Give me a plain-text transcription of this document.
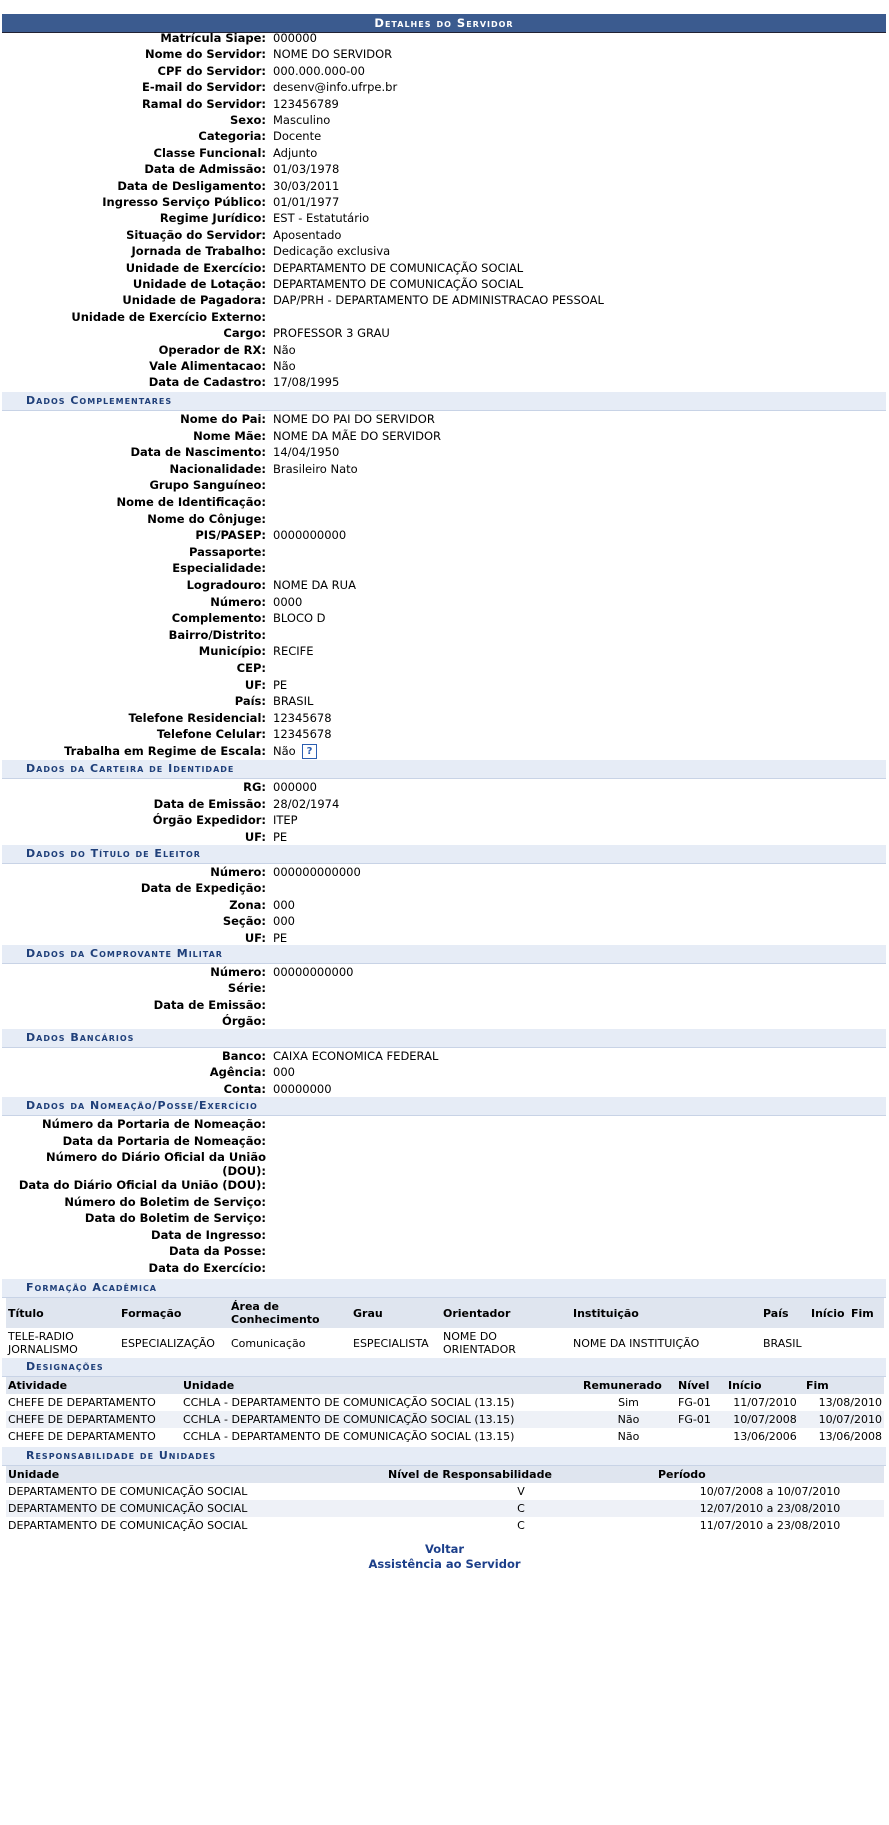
Detalhes do Servidor
Matrícula Siape: 000000
Nome do Servidor: NOME DO SERVIDOR
CPF do Servidor: 000.000.000-00
E-mail do Servidor: desenv@info.ufrpe.br
Ramal do Servidor: 123456789
Sexo: Masculino
Categoria: Docente
Classe Funcional: Adjunto
Data de Admissão: 01/03/1978
Data de Desligamento: 30/03/2011
Ingresso Serviço Público: 01/01/1977
Regime Jurídico: EST - Estatutário
Situação do Servidor: Aposentado
Jornada de Trabalho: Dedicação exclusiva
Unidade de Exercício: DEPARTAMENTO DE COMUNICAÇÃO SOCIAL
Unidade de Lotação: DEPARTAMENTO DE COMUNICAÇÃO SOCIAL
Unidade de Pagadora: DAP/PRH - DEPARTAMENTO DE ADMINISTRACAO PESSOAL
Unidade de Exercício Externo:
Cargo: PROFESSOR 3 GRAU
Operador de RX: Não
Vale Alimentacao: Não
Data de Cadastro: 17/08/1995
Dados Complementares
Nome do Pai: NOME DO PAI DO SERVIDOR
Nome Mãe: NOME DA MÃE DO SERVIDOR
Data de Nascimento: 14/04/1950
Nacionalidade: Brasileiro Nato
Grupo Sanguíneo:
Nome de Identificação:
Nome do Cônjuge:
PIS/PASEP: 0000000000
Passaporte:
Especialidade:
Logradouro: NOME DA RUA
Número: 0000
Complemento: BLOCO D
Bairro/Distrito:
Município: RECIFE
CEP:
UF: PE
País: BRASIL
Telefone Residencial: 12345678
Telefone Celular: 12345678
Trabalha em Regime de Escala: Não	?
Dados da Carteira de Identidade
RG: 000000
Data de Emissão: 28/02/1974
Órgão Expedidor: ITEP
UF: PE
Dados do Título de Eleitor
Número: 000000000000
Data de Expedição:
Zona: 000
Seção: 000
UF: PE
Dados da Comprovante Militar
Número: 00000000000
Série:
Data de Emissão:
Órgão:
Dados Bancários
Banco: CAIXA ECONOMICA FEDERAL
Agência: 000
Conta: 00000000
Dados da Nomeação/Posse/Exercício
Número da Portaria de Nomeação:
Data da Portaria de Nomeação:
Número do Diário Oficial da União (DOU):
Data do Diário Oficial da União (DOU):
Número do Boletim de Serviço:
Data do Boletim de Serviço:
Data de Ingresso:
Data da Posse:
Data do Exercício:
Formação Acadêmica
Título	Formação	Área de Conhecimento	Grau	Orientador	Instituição	País	Início	Fim
TELE-RADIO JORNALISMO	ESPECIALIZAÇÃO	Comunicação	ESPECIALISTA	NOME DO ORIENTADOR	NOME DA INSTITUIÇÃO	BRASIL		
Designações
Atividade	Unidade	Remunerado	Nível	Início	Fim
CHEFE DE DEPARTAMENTO	CCHLA - DEPARTAMENTO DE COMUNICAÇÃO SOCIAL (13.15)	Sim	FG-01	11/07/2010	13/08/2010
CHEFE DE DEPARTAMENTO	CCHLA - DEPARTAMENTO DE COMUNICAÇÃO SOCIAL (13.15)	Não	FG-01	10/07/2008	10/07/2010
CHEFE DE DEPARTAMENTO	CCHLA - DEPARTAMENTO DE COMUNICAÇÃO SOCIAL (13.15)	Não		13/06/2006	13/06/2008
Responsabilidade de Unidades
Unidade	Nível de Responsabilidade	Período
DEPARTAMENTO DE COMUNICAÇÃO SOCIAL	V	10/07/2008 a 10/07/2010
DEPARTAMENTO DE COMUNICAÇÃO SOCIAL	C	12/07/2010 a 23/08/2010
DEPARTAMENTO DE COMUNICAÇÃO SOCIAL	C	11/07/2010 a 23/08/2010
Voltar
Assistência ao Servidor
